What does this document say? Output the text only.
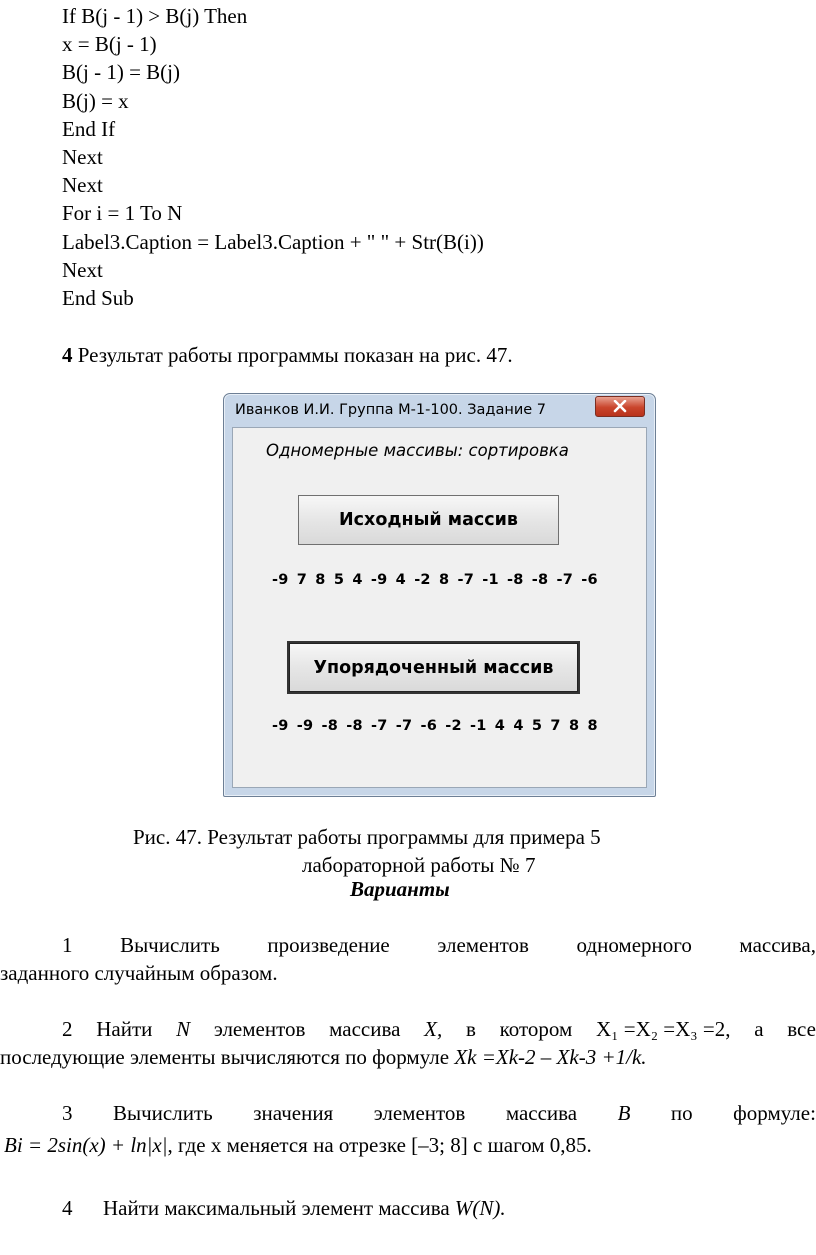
If B(j - 1) > B(j) Then
x = B(j - 1)
B(j - 1) = B(j)
B(j) = x
End If
Next
Next
For i = 1 To N
Label3.Caption = Label3.Caption + " " + Str(B(i))
Next
End Sub
4 Результат работы программы показан на рис. 47.
Иванков И.И. Группа М-1-100. Задание 7
Одномерные массивы: сортировка
Исходный массив
-9 7 8 5 4 -9 4 -2 8 -7 -1 -8 -8 -7 -6
Упорядоченный массив
-9 -9 -8 -8 -7 -7 -6 -2 -1 4 4 5 7 8 8
Рис. 47. Результат работы программы для примера 5
лабораторной работы № 7
Варианты
1 Вычислить произведение элементов одномерного массива,
заданного случайным образом.
2 Найти N элементов массива X, в котором X₁ =X₂ =X₃ =2, а все
последующие элементы вычисляются по формуле Xk =Xk-2 – Xk-3 +1/k.
3 Вычислить значения элементов массива B по формуле:
Bi = 2sin(x) + ln|x|, где x меняется на отрезке [–3; 8] с шагом 0,85.
4 Найти максимальный элемент массива W(N).
